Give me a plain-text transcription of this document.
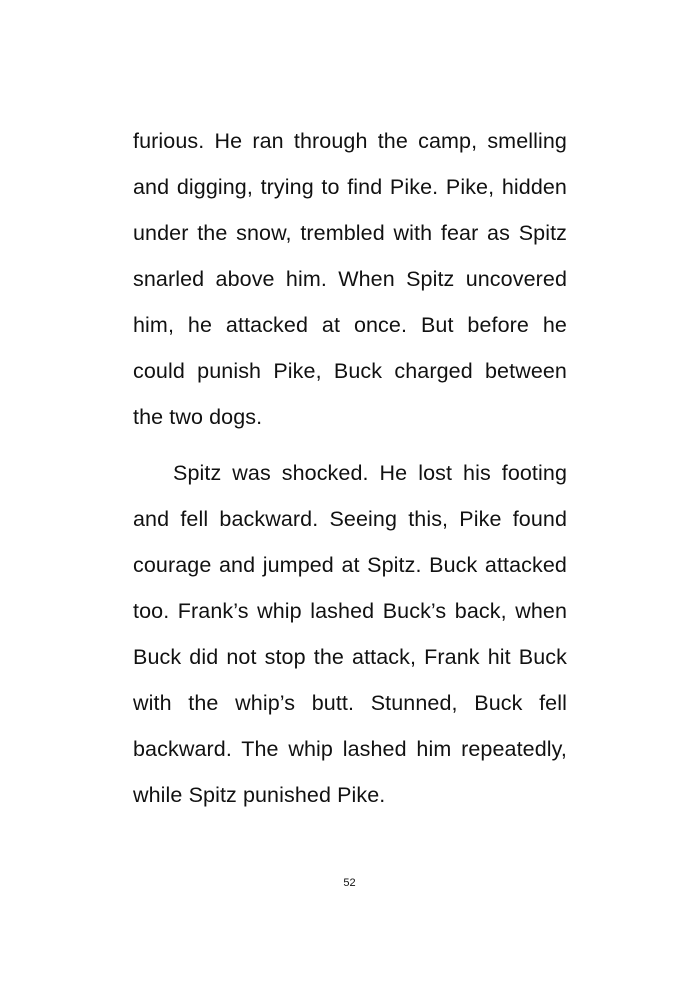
furious. He ran through the camp, smelling and digging, trying to find Pike. Pike, hidden under the snow, trembled with fear as Spitz snarled above him. When Spitz uncovered him, he attacked at once. But before he could punish Pike, Buck charged between the two dogs.

Spitz was shocked. He lost his footing and fell backward. Seeing this, Pike found courage and jumped at Spitz. Buck attacked too. Frank’s whip lashed Buck’s back, when Buck did not stop the attack, Frank hit Buck with the whip’s butt. Stunned, Buck fell backward. The whip lashed him repeatedly, while Spitz punished Pike.

52
